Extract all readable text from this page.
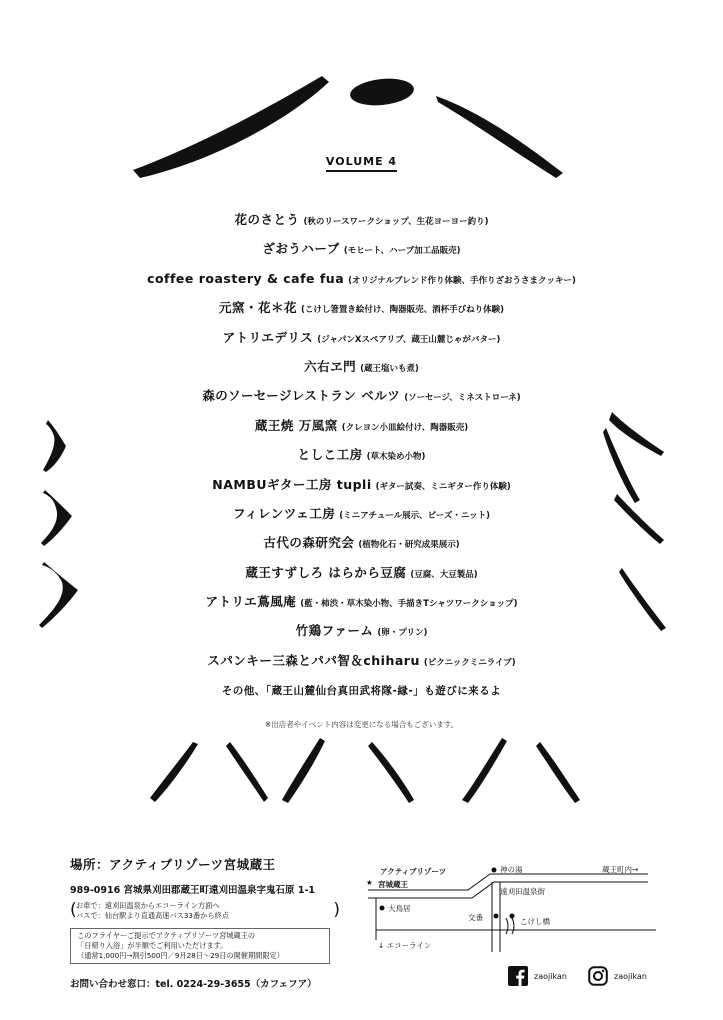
VOLUME 4
花のさとう (秋のリースワークショップ、生花ヨーヨー釣り)
ざおうハーブ (モヒート、ハーブ加工品販売)
coffee roastery & cafe fua (オリジナルブレンド作り体験、手作りざおうさまクッキー)
元窯・花＊花 (こけし箸置き絵付け、陶器販売、酒杯手びねり体験)
アトリエデリス (ジャパンXスペアリブ、蔵王山麓じゃがバター)
六右ヱ門 (蔵王塩いも煮)
森のソーセージレストラン ベルツ (ソーセージ、ミネストローネ)
蔵王焼 万風窯 (クレヨン小皿絵付け、陶器販売)
としこ工房 (草木染め小物)
NAMBUギター工房 tupli (ギター試奏、ミニギター作り体験)
フィレンツェ工房 (ミニアチュール展示、ビーズ・ニット)
古代の森研究会 (植物化石・研究成果展示)
蔵王すずしろ はらから豆腐 (豆腐、大豆製品)
アトリエ蔦風庵 (藍・柿渋・草木染小物、手描きTシャツワークショップ)
竹鶏ファーム (卵・プリン)
スパンキー三森とパパ智＆chiharu (ピクニックミニライブ)
その他、「蔵王山麓仙台真田武将隊-縁-」も遊びに来るよ
※出店者やイベント内容は変更になる場合もございます。
場所：アクティブリゾーツ宮城蔵王
989-0916 宮城県刈田郡蔵王町遠刈田温泉字鬼石原 1-1
( お車で：遠刈田温泉からエコーライン方面へ
バスで：仙台駅より直通高速バス33番から終点
)
このフライヤーご提示でアクティブリゾーツ宮城蔵王の
「日帰り入浴」が半額でご利用いただけます。
（通常1,000円→割引500円／9月28日〜29日の開催期間限定）
お問い合わせ窓口：tel. 0224-29-3655（カフェフア）
アクティブリゾーツ
★ 宮城蔵王
神の湯
遠刈田温泉街
蔵王町内→
大鳥居
交番	こけし橋
↓ エコーライン
zaojikan	zaojikan
